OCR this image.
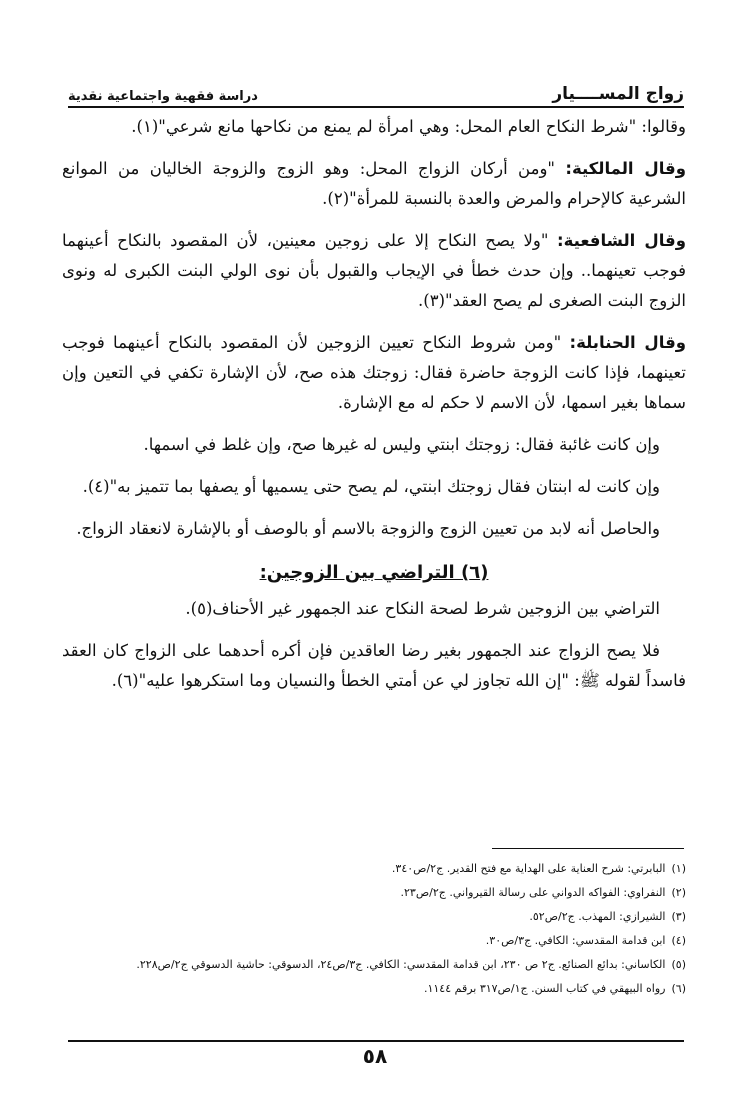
زواج المســــيار
دراسة فقهية واجتماعية نقدية

وقالوا: "شرط النكاح العام المحل: وهي امرأة لم يمنع من نكاحها مانع شرعي"(١).

وقال المالكية: "ومن أركان الزواج المحل: وهو الزوج والزوجة الخاليان من الموانع الشرعية كالإحرام والمرض والعدة بالنسبة للمرأة"(٢).

وقال الشافعية: "ولا يصح النكاح إلا على زوجين معينين، لأن المقصود بالنكاح أعينهما فوجب تعينهما.. وإن حدث خطأ في الإيجاب والقبول بأن نوى الولي البنت الكبرى له ونوى الزوج البنت الصغرى لم يصح العقد"(٣).

وقال الحنابلة: "ومن شروط النكاح تعيين الزوجين لأن المقصود بالنكاح أعينهما فوجب تعينهما، فإذا كانت الزوجة حاضرة فقال: زوجتك هذه صح، لأن الإشارة تكفي في التعين وإن سماها بغير اسمها، لأن الاسم لا حكم له مع الإشارة.

وإن كانت غائبة فقال: زوجتك ابنتي وليس له غيرها صح، وإن غلط في اسمها.

وإن كانت له ابنتان فقال زوجتك ابنتي، لم يصح حتى يسميها أو يصفها بما تتميز به"(٤).

والحاصل أنه لابد من تعيين الزوج والزوجة بالاسم أو بالوصف أو بالإشارة لانعقاد الزواج.

(٦) التراضي بين الزوجين:

التراضي بين الزوجين شرط لصحة النكاح عند الجمهور غير الأحناف(٥).

فلا يصح الزواج عند الجمهور بغير رضا العاقدين فإن أكره أحدهما على الزواج كان العقد فاسداً لقوله ﷺ: "إن الله تجاوز لي عن أمتي الخطأ والنسيان وما استكرهوا عليه"(٦).

(١)
البابرتي: شرح العناية على الهداية مع فتح القدير. ج٢/ص٣٤٠.
(٢)
النفراوي: الفواكه الدواني على رسالة القيرواني. ج٢/ص٢٣.
(٣)
الشيرازي: المهذب. ج٢/ص٥٢.
(٤)
ابن قدامة المقدسي: الكافي. ج٣/ص٣٠.
(٥)
الكاساني: بدائع الصنائع. ج٢ ص ٢٣٠، ابن قدامة المقدسي: الكافي. ج٣/ص٢٤، الدسوقي: حاشية الدسوقي ج٢/ص٢٢٨.
(٦)
رواه البيهقي في كتاب السنن. ج١/ص٣١٧ برقم ١١٤٤.
٥٨
